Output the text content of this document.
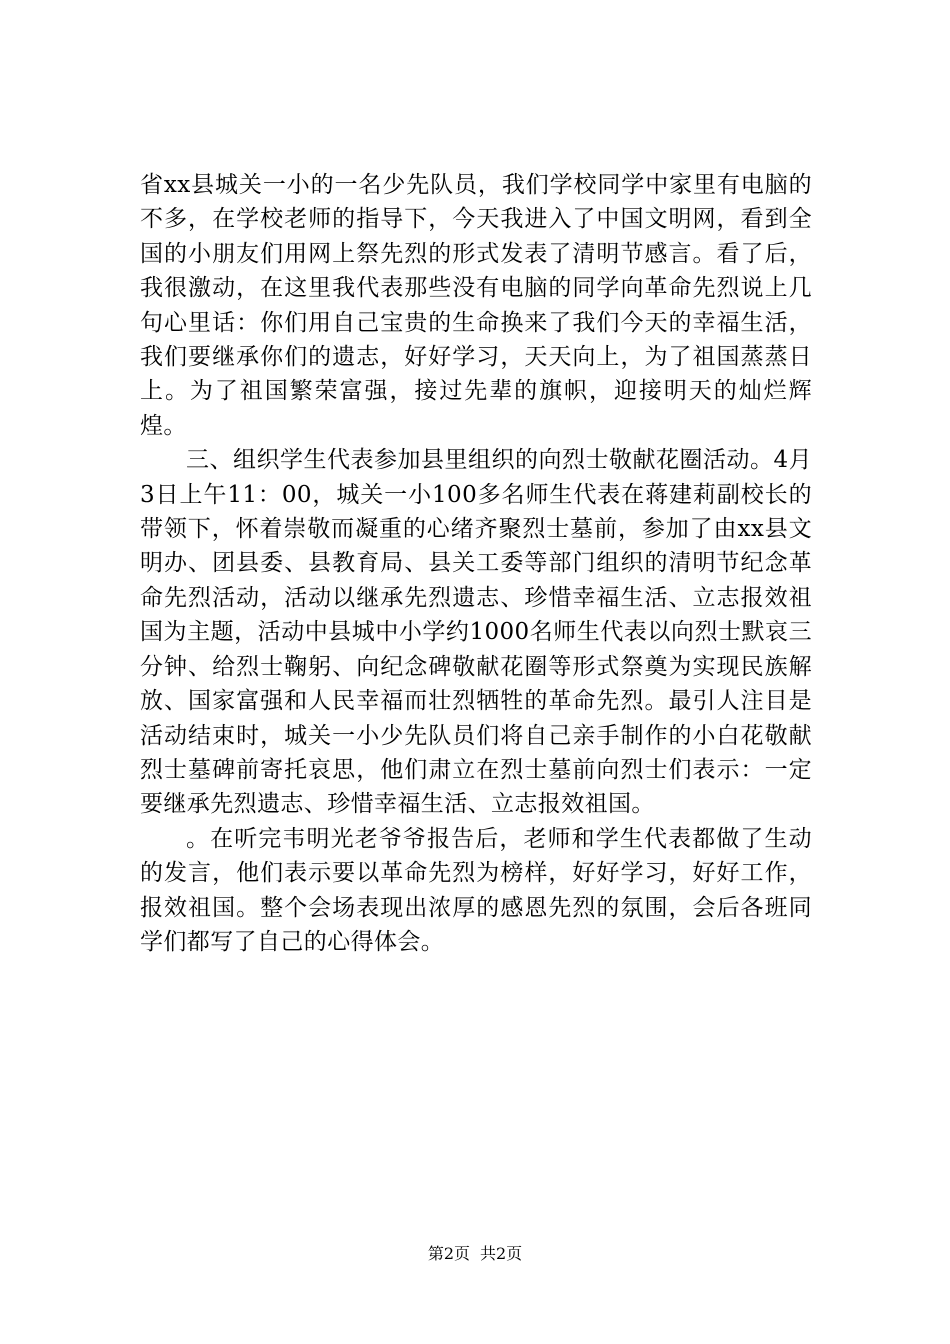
省xx县城关一小的一名少先队员，我们学校同学中家里有电脑的不多，在学校老师的指导下，今天我进入了中国文明网，看到全国的小朋友们用网上祭先烈的形式发表了清明节感言。看了后，我很激动，在这里我代表那些没有电脑的同学向革命先烈说上几句心里话：你们用自己宝贵的生命换来了我们今天的幸福生活，我们要继承你们的遗志，好好学习，天天向上，为了祖国蒸蒸日上。为了祖国繁荣富强，接过先辈的旗帜，迎接明天的灿烂辉煌。

三、组织学生代表参加县里组织的向烈士敬献花圈活动。4月3日上午11：00，城关一小100多名师生代表在蒋建莉副校长的带领下，怀着崇敬而凝重的心绪齐聚烈士墓前，参加了由xx县文明办、团县委、县教育局、县关工委等部门组织的清明节纪念革命先烈活动，活动以继承先烈遗志、珍惜幸福生活、立志报效祖国为主题，活动中县城中小学约1000名师生代表以向烈士默哀三分钟、给烈士鞠躬、向纪念碑敬献花圈等形式祭奠为实现民族解放、国家富强和人民幸福而壮烈牺牲的革命先烈。最引人注目是活动结束时，城关一小少先队员们将自己亲手制作的小白花敬献烈士墓碑前寄托哀思，他们肃立在烈士墓前向烈士们表示：一定要继承先烈遗志、珍惜幸福生活、立志报效祖国。

。在听完韦明光老爷爷报告后，老师和学生代表都做了生动的发言，他们表示要以革命先烈为榜样，好好学习，好好工作，报效祖国。整个会场表现出浓厚的感恩先烈的氛围，会后各班同学们都写了自己的心得体会。

第2页 共2页
